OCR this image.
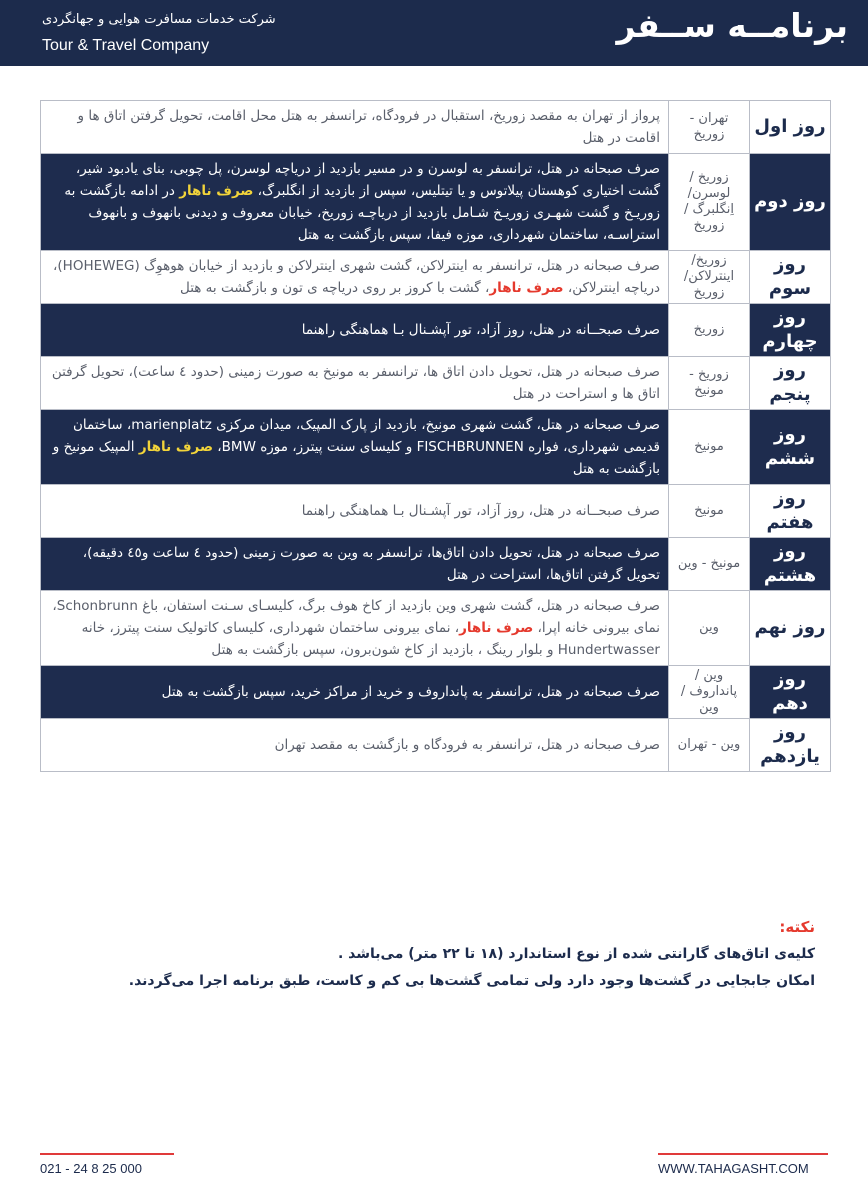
برنامــه ســفر
شرکت خدمات مسافرت هوایی و جهانگردی
Tour & Travel Company
روز اول	تهران - زوریخ	پرواز از تهران به مقصد زوریخ، استقبال در فرودگاه، ترانسفر به هتل محل اقامت، تحویل گرفتن اتاق ها و اقامت در هتل
روز دوم	زوریخ / لوسرن/ اِنگلبرگ / زوریخ	صرف صبحانه در هتل، ترانسفر به لوسرن و در مسیر بازدید از دریاچه لوسرن، پل چوبی، بنای یادبود شیر، گشت اختیاری کوهستان پیلاتوس و یا تیتلیس، سپس از بازدید از انگلبرگ، صرف ناهار در ادامه بازگشت به زوریـخ و گشت شهـری زوریـخ شـامل بازدید از دریاچـه زوریخ، خیابان معروف و دیدنی بانهوف و بانهوف استراسـه، ساختمان شهرداری، موزه فیفا، سپس بازگشت به هتل
روز سوم	زوریخ/ اینترلاکن/ زوریخ	صرف صبحانه در هتل، ترانسفر به اینترلاکن، گشت شهری اینترلاکن و بازدید از خیابان هوهوِگ (HOHEWEG)، دریاچه اینترلاکن، صرف ناهار، گشت با کروز بر روی دریاچه ی تون و بازگشت به هتل
روز چهارم	زوریخ	صرف صبحــانه در هتل، روز آزاد، تور آپشـنال بـا هماهنگی راهنما
روز پنجم	زوریخ - مونیخ	صرف صبحانه در هتل، تحویل دادن اتاق ها، ترانسفر به مونیخ به صورت زمینی (حدود ٤ ساعت)، تحویل گرفتن اتاق ها و استراحت در هتل
روز ششم	مونیخ	صرف صبحانه در هتل، گشت شهری مونیخ، بازدید از پارک المپیک، میدان مرکزی marienplatz، ساختمان قدیمی شهرداری، فواره FISCHBRUNNEN و کلیسای سنت پیترز، موزه BMW، صرف ناهار المپیک مونیخ و بازگشت به هتل
روز هفتم	مونیخ	صرف صبحــانه در هتل، روز آزاد، تور آپشـنال بـا هماهنگی راهنما
روز هشتم	مونیخ - وین	صرف صبحانه در هتل، تحویل دادن اتاق‌ها، ترانسفر به وین به صورت زمینی (حدود ٤ ساعت و٤٥ دقیقه)، تحویل گرفتن اتاق‌ها، استراحت در هتل
روز نهم	وین	صرف صبحانه در هتل، گشت شهری وین بازدید از کاخ هوف برگ، کلیسـای سـنت استفان، باغ Schonbrunn، نمای بیرونی خانه اپرا، صرف ناهار، نمای بیرونی ساختمان شهرداری، کلیسای کاتولیک سنت پیترز، خانه Hundertwasser و بلوار رینگ ، بازدید از کاخ شون‌برون، سپس بازگشت به هتل
روز دهم	وین / پانداروف / وین	صرف صبحانه در هتل، ترانسفر به پانداروف و خرید از مراکز خرید، سپس بازگشت به هتل
روز یازدهم	وین - تهران	صرف صبحانه در هتل، ترانسفر به فرودگاه و بازگشت به مقصد تهران
نکته:
کلیه‌ی اتاق‌های گارانتی شده از نوع استاندارد (١٨ تا ٢٢ متر) می‌باشد .
امکان جابجایی در گشت‌ها وجود دارد ولی تمامی گشت‌ها بی کم و کاست، طبق برنامه اجرا می‌گردند.
021 - 24 8 25 000	WWW.TAHAGASHT.COM
